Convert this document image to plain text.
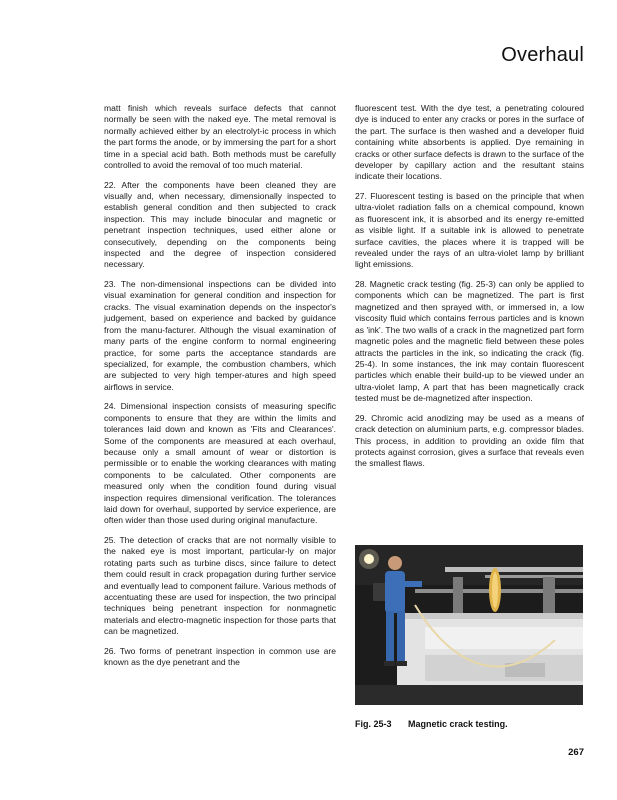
Overhaul

matt finish which reveals surface defects that cannot normally be seen with the naked eye. The metal removal is normally achieved either by an electrolyt-ic process in which the part forms the anode, or by immersing the part for a short time in a special acid bath. Both methods must be carefully controlled to avoid the removal of too much material.

22. After the components have been cleaned they are visually and, when necessary, dimensionally inspected to establish general condition and then subjected to crack inspection. This may include binocular and magnetic or penetrant inspection techniques, used either alone or consecutively, depending on the components being inspected and the degree of inspection considered necessary.

23. The non-dimensional inspections can be divided into visual examination for general condition and inspection for cracks. The visual examination depends on the inspector's judgement, based on experience and backed by guidance from the manu-facturer. Although the visual examination of many parts of the engine conform to normal engineering practice, for some parts the acceptance standards are specialized, for example, the combustion chambers, which are subjected to very high temper-atures and high speed airflows in service.

24. Dimensional inspection consists of measuring specific components to ensure that they are within the limits and tolerances laid down and known as 'Fits and Clearances'. Some of the components are measured at each overhaul, because only a small amount of wear or distortion is permissible or to enable the working clearances with mating components to be calculated. Other components are measured only when the condition found during visual inspection requires dimensional verification. The tolerances laid down for overhaul, supported by service experience, are often wider than those used during original manufacture.

25. The detection of cracks that are not normally visible to the naked eye is most important, particular-ly on major rotating parts such as turbine discs, since failure to detect them could result in crack propagation during further service and eventually lead to component failure. Various methods of accentuating these are used for inspection, the two principal techniques being penetrant inspection for nonmagnetic materials and electro-magnetic inspection for those parts that can be magnetized.

26. Two forms of penetrant inspection in common use are known as the dye penetrant and the

fluorescent test. With the dye test, a penetrating coloured dye is induced to enter any cracks or pores in the surface of the part. The surface is then washed and a developer fluid containing white absorbents is applied. Dye remaining in cracks or other surface defects is drawn to the surface of the developer by capillary action and the resultant stains indicate their locations.

27. Fluorescent testing is based on the principle that when ultra-violet radiation falls on a chemical compound, known as fluorescent ink, it is absorbed and its energy re-emitted as visible light. If a suitable ink is allowed to penetrate surface cavities, the places where it is trapped will be revealed under the rays of an ultra-violet lamp by brilliant light emissions.

28. Magnetic crack testing (fig. 25-3) can only be applied to components which can be magnetized. The part is first magnetized and then sprayed with, or immersed in, a low viscosity fluid which contains ferrous particles and is known as 'ink'. The two walls of a crack in the magnetized part form magnetic poles and the magnetic field between these poles attracts the particles in the ink, so indicating the crack (fig. 25-4). In some instances, the ink may contain fluorescent particles which enable their build-up to be viewed under an ultra-violet lamp, A part that has been magnetically crack tested must be de-magnetized after inspection.

29. Chromic acid anodizing may be used as a means of crack detection on aluminium parts, e.g. compressor blades. This process, in addition to providing an oxide film that protects against corrosion, gives a surface that reveals even the smallest flaws.

Fig. 25-3 Magnetic crack testing.
267
